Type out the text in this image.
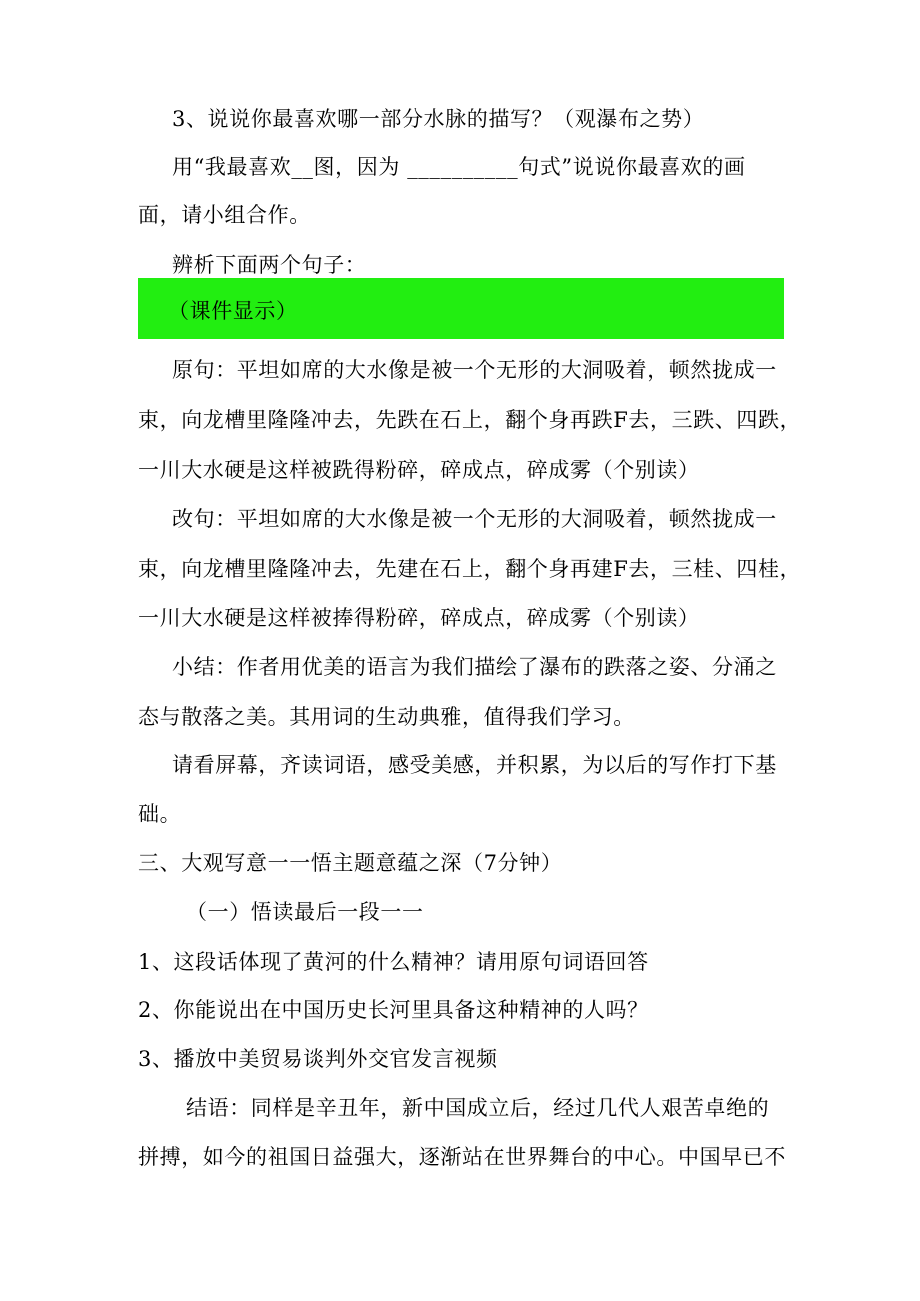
3、说说你最喜欢哪一部分水脉的描写？（观瀑布之势）
用“我最喜欢__图，因为 __________句式”说说你最喜欢的画
面，请小组合作。
辨析下面两个句子：
（课件显示）
原句：平坦如席的大水像是被一个无形的大洞吸着，顿然拢成一
束，向龙槽里隆隆冲去，先跌在石上，翻个身再跌F去，三跌、四跌，
一川大水硬是这样被跣得粉碎，碎成点，碎成雾（个别读）
改句：平坦如席的大水像是被一个无形的大洞吸着，顿然拢成一
束，向龙槽里隆隆冲去，先建在石上，翻个身再建F去，三桂、四桂，
一川大水硬是这样被捧得粉碎，碎成点，碎成雾（个别读）
小结：作者用优美的语言为我们描绘了瀑布的跌落之姿、分涌之
态与散落之美。其用词的生动典雅，值得我们学习。
请看屏幕，齐读词语，感受美感，并积累，为以后的写作打下基
础。
三、大观写意一一悟主题意蕴之深（7分钟）
（一）悟读最后一段一一
1、这段话体现了黄河的什么精神？请用原句词语回答
2、你能说出在中国历史长河里具备这种精神的人吗？
3、播放中美贸易谈判外交官发言视频
结语：同样是辛丑年，新中国成立后，经过几代人艰苦卓绝的
拼搏，如今的祖国日益强大，逐渐站在世界舞台的中心。中国早已不
